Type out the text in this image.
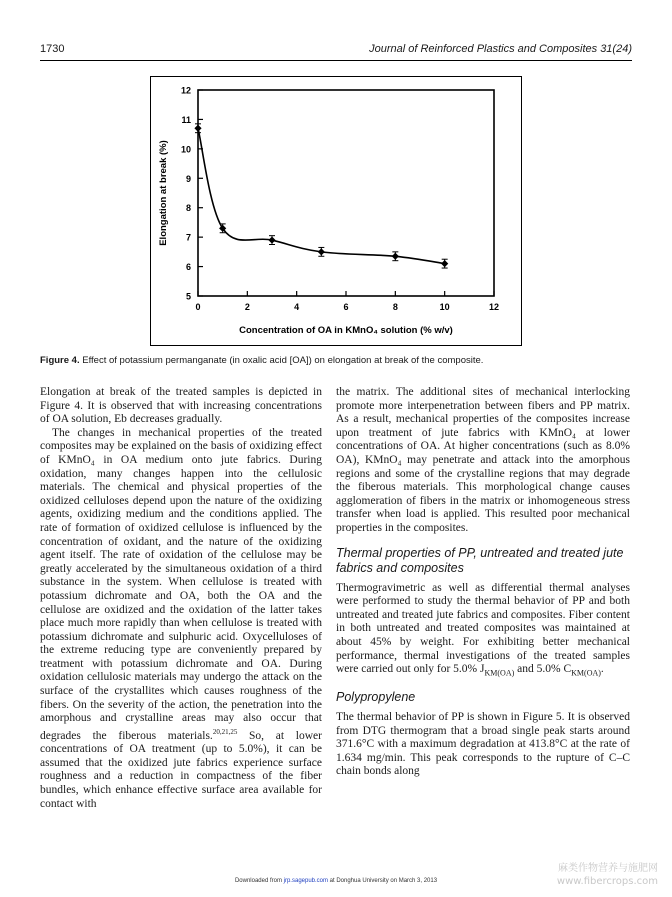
1730	Journal of Reinforced Plastics and Composites 31(24)
5
6
7
8
9
10
11
12
0	2	4	6	8	10	12
Concentration of OA in KMnO₄ solution (% w/v)
Elongation at break (%)
Figure 4. Effect of potassium permanganate (in oxalic acid [OA]) on elongation at break of the composite.

Elongation at break of the treated samples is depicted in Figure 4. It is observed that with increasing concentrations of OA solution, Eb decreases gradually.

The changes in mechanical properties of the treated composites may be explained on the basis of oxidizing effect of KMnO₄ in OA medium onto jute fabrics. During oxidation, many changes happen into the cellulosic materials. The chemical and physical properties of the oxidized celluloses depend upon the nature of the oxidizing agents, oxidizing medium and the conditions applied. The rate of formation of oxidized cellulose is influenced by the concentration of oxidant, and the nature of the oxidizing agent itself. The rate of oxidation of the cellulose may be greatly accelerated by the simultaneous oxidation of a third substance in the system. When cellulose is treated with potassium dichromate and OA, both the OA and the cellulose are oxidized and the oxidation of the latter takes place much more rapidly than when cellulose is treated with potassium dichromate and sulphuric acid. Oxycelluloses of the extreme reducing type are conveniently prepared by treatment with potassium dichromate and OA. During oxidation cellulosic materials may undergo the attack on the surface of the crystallites which causes roughness of the fibers. On the severity of the action, the penetration into the amorphous and crystalline areas may also occur that degrades the fiberous materials.$^{20,21,25}$ So, at lower concentrations of OA treatment (up to 5.0%), it can be assumed that the oxidized jute fabrics experience surface roughness and a reduction in compactness of the fiber bundles, which enhance effective surface area available for contact with

the matrix. The additional sites of mechanical interlocking promote more interpenetration between fibers and PP matrix. As a result, mechanical properties of the composites increase upon treatment of jute fabrics with KMnO₄ at lower concentrations of OA. At higher concentrations (such as 8.0% OA), KMnO₄ may penetrate and attack into the amorphous regions and some of the crystalline regions that may degrade the fiberous materials. This morphological change causes agglomeration of fibers in the matrix or inhomogeneous stress transfer when load is applied. This resulted poor mechanical properties in the composites.

Thermal properties of PP, untreated and treated jute fabrics and composites

Thermogravimetric as well as differential thermal analyses were performed to study the thermal behavior of PP and both untreated and treated jute fabrics and composites. Fiber content in both untreated and treated composites was maintained at about 45% by weight. For exhibiting better mechanical performance, thermal investigations of the treated samples were carried out only for 5.0% $J_{KM(OA)}$ and 5.0% $C_{KM(OA)}$.

Polypropylene

The thermal behavior of PP is shown in Figure 5. It is observed from DTG thermogram that a broad single peak starts around 371.6°C with a maximum degradation at 413.8°C at the rate of 1.634 mg/min. This peak corresponds to the rupture of C–C chain bonds along

Downloaded from jrp.sagepub.com at Donghua University on March 3, 2013
麻类作物营养与施肥网
www.fibercrops.com
